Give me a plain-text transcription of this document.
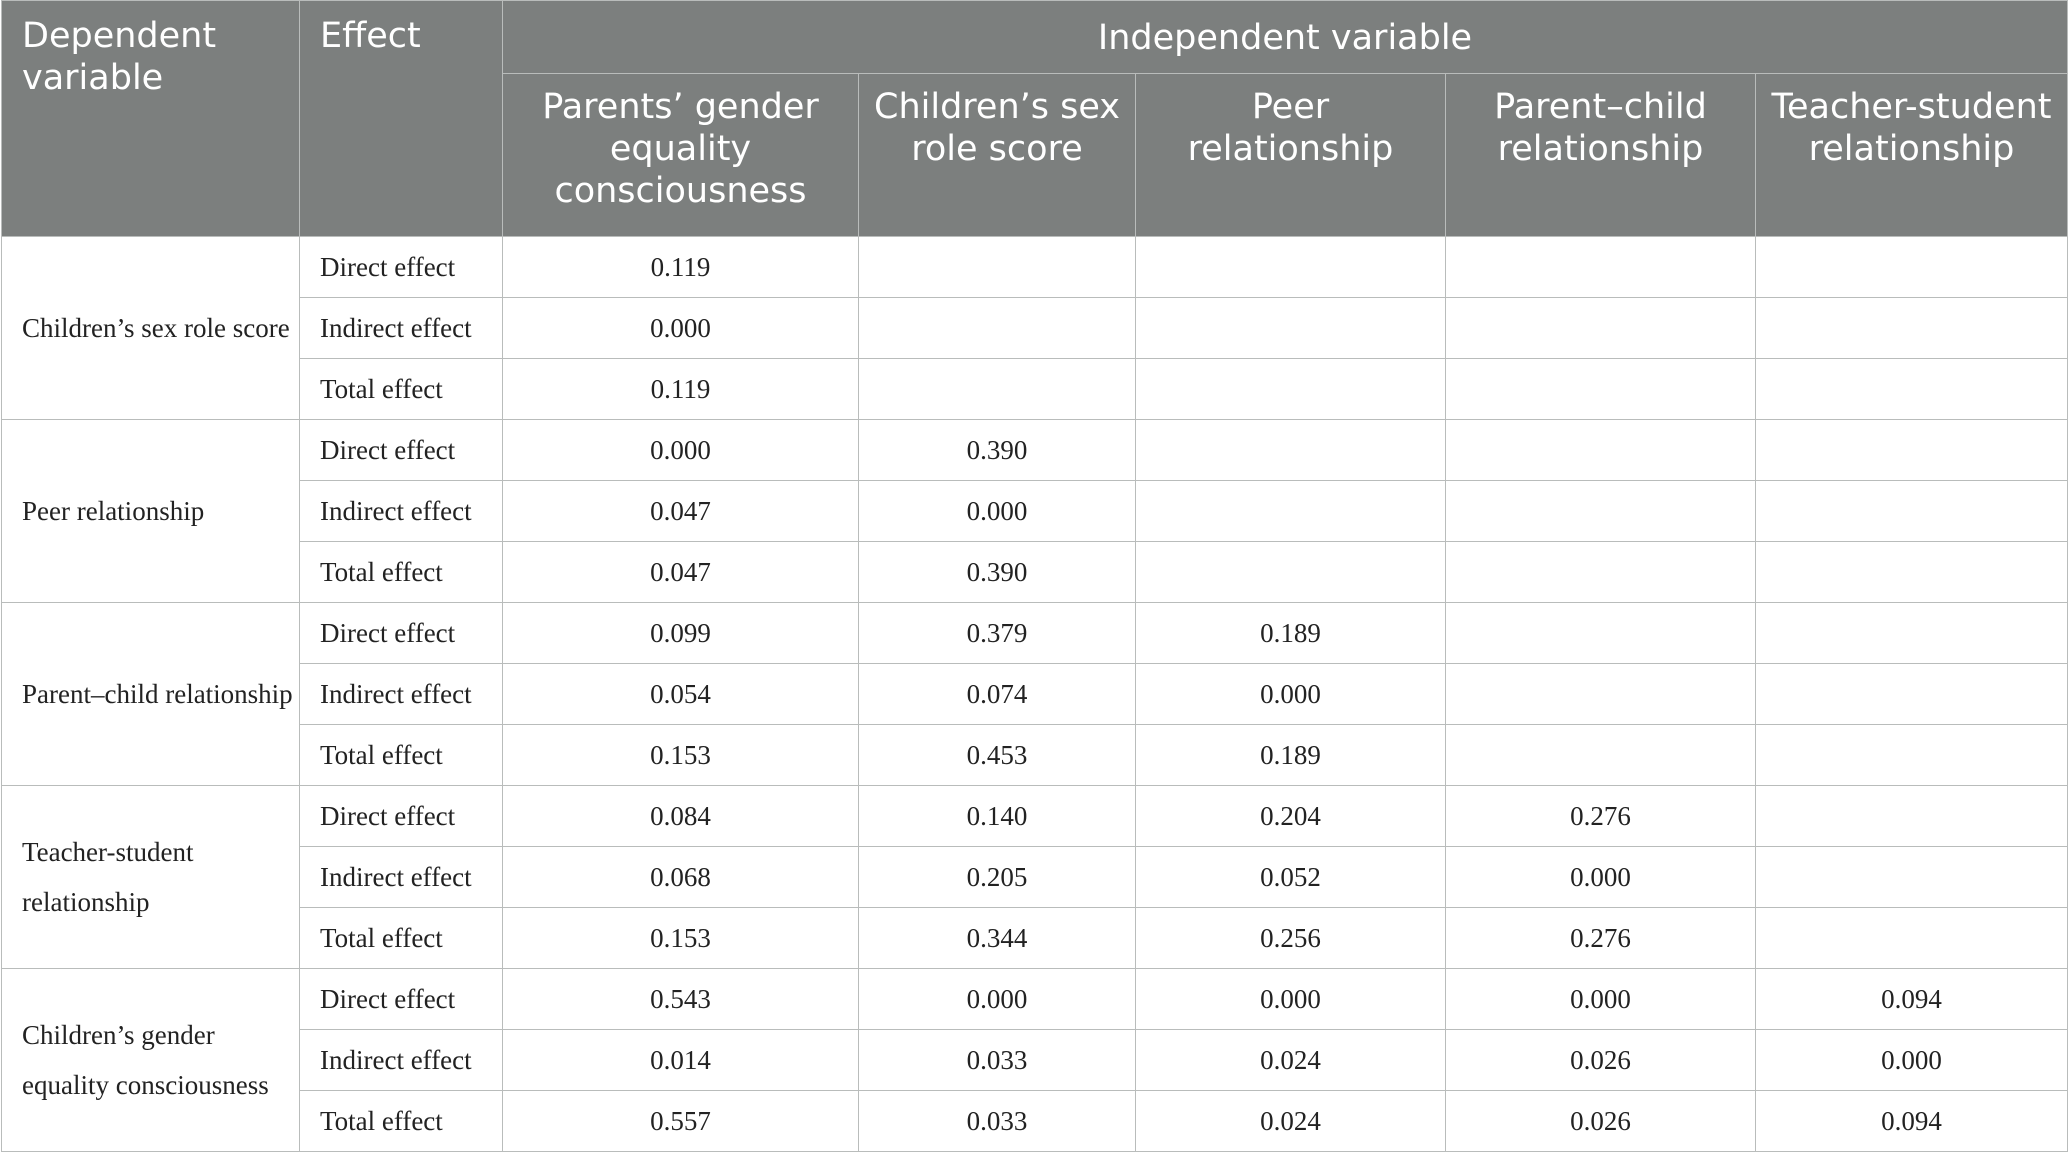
Dependent variable	Effect	Independent variable				
		Parents’ gender equality consciousness	Children’s sex role score	Peer relationship	Parent–child relationship	Teacher-student relationship
Children’s sex role score	Direct effect	0.119				
	Indirect effect	0.000				
	Total effect	0.119				
Peer relationship	Direct effect	0.000	0.390			
	Indirect effect	0.047	0.000			
	Total effect	0.047	0.390			
Parent–child relationship	Direct effect	0.099	0.379	0.189		
	Indirect effect	0.054	0.074	0.000		
	Total effect	0.153	0.453	0.189		
Teacher-student relationship	Direct effect	0.084	0.140	0.204	0.276	
	Indirect effect	0.068	0.205	0.052	0.000	
	Total effect	0.153	0.344	0.256	0.276	
Children’s gender equality consciousness	Direct effect	0.543	0.000	0.000	0.000	0.094
	Indirect effect	0.014	0.033	0.024	0.026	0.000
	Total effect	0.557	0.033	0.024	0.026	0.094
